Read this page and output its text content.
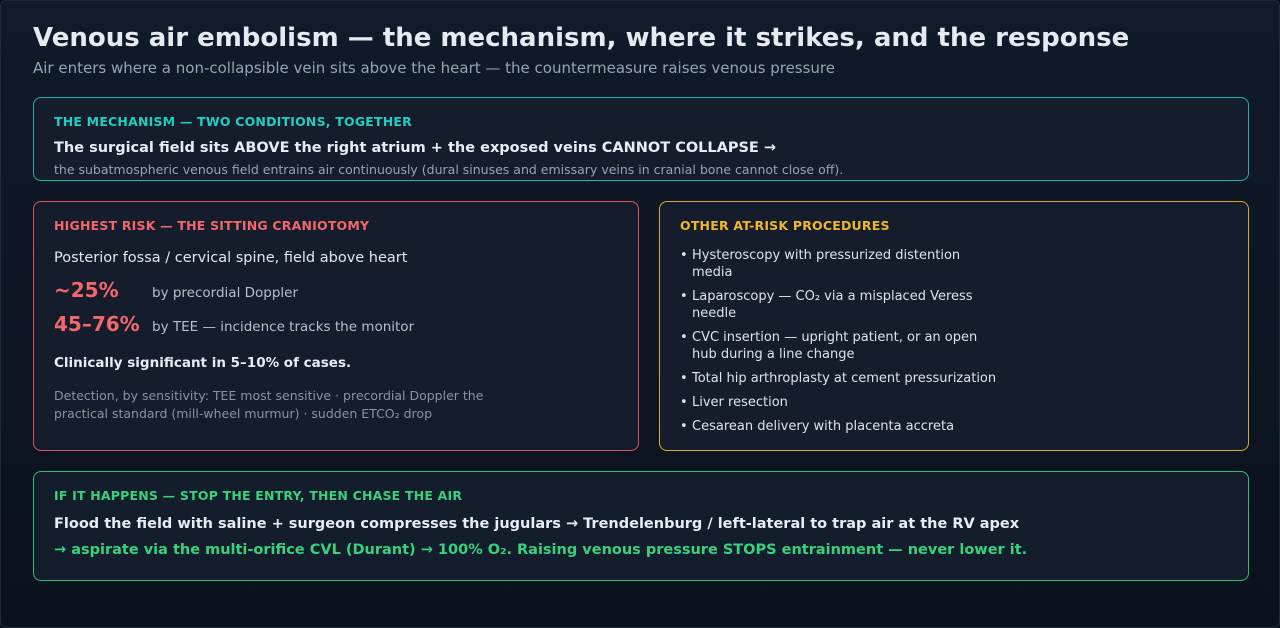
Venous air embolism — the mechanism, where it strikes, and the response
Air enters where a non-collapsible vein sits above the heart — the countermeasure raises venous pressure
THE MECHANISM — TWO CONDITIONS, TOGETHER
The surgical field sits ABOVE the right atrium + the exposed veins CANNOT COLLAPSE →
the subatmospheric venous field entrains air continuously (dural sinuses and emissary veins in cranial bone cannot close off).
HIGHEST RISK — THE SITTING CRANIOTOMY
Posterior fossa / cervical spine, field above heart
~25% by precordial Doppler
45–76% by TEE — incidence tracks the monitor
Clinically significant in 5–10% of cases.
Detection, by sensitivity: TEE most sensitive · precordial Doppler the practical standard (mill-wheel murmur) · sudden ETCO₂ drop
OTHER AT-RISK PROCEDURES
• Hysteroscopy with pressurized distention media
• Laparoscopy — CO₂ via a misplaced Veress needle
• CVC insertion — upright patient, or an open hub during a line change
• Total hip arthroplasty at cement pressurization
• Liver resection
• Cesarean delivery with placenta accreta
IF IT HAPPENS — STOP THE ENTRY, THEN CHASE THE AIR
Flood the field with saline + surgeon compresses the jugulars → Trendelenburg / left-lateral to trap air at the RV apex
→ aspirate via the multi-orifice CVL (Durant) → 100% O₂. Raising venous pressure STOPS entrainment — never lower it.
